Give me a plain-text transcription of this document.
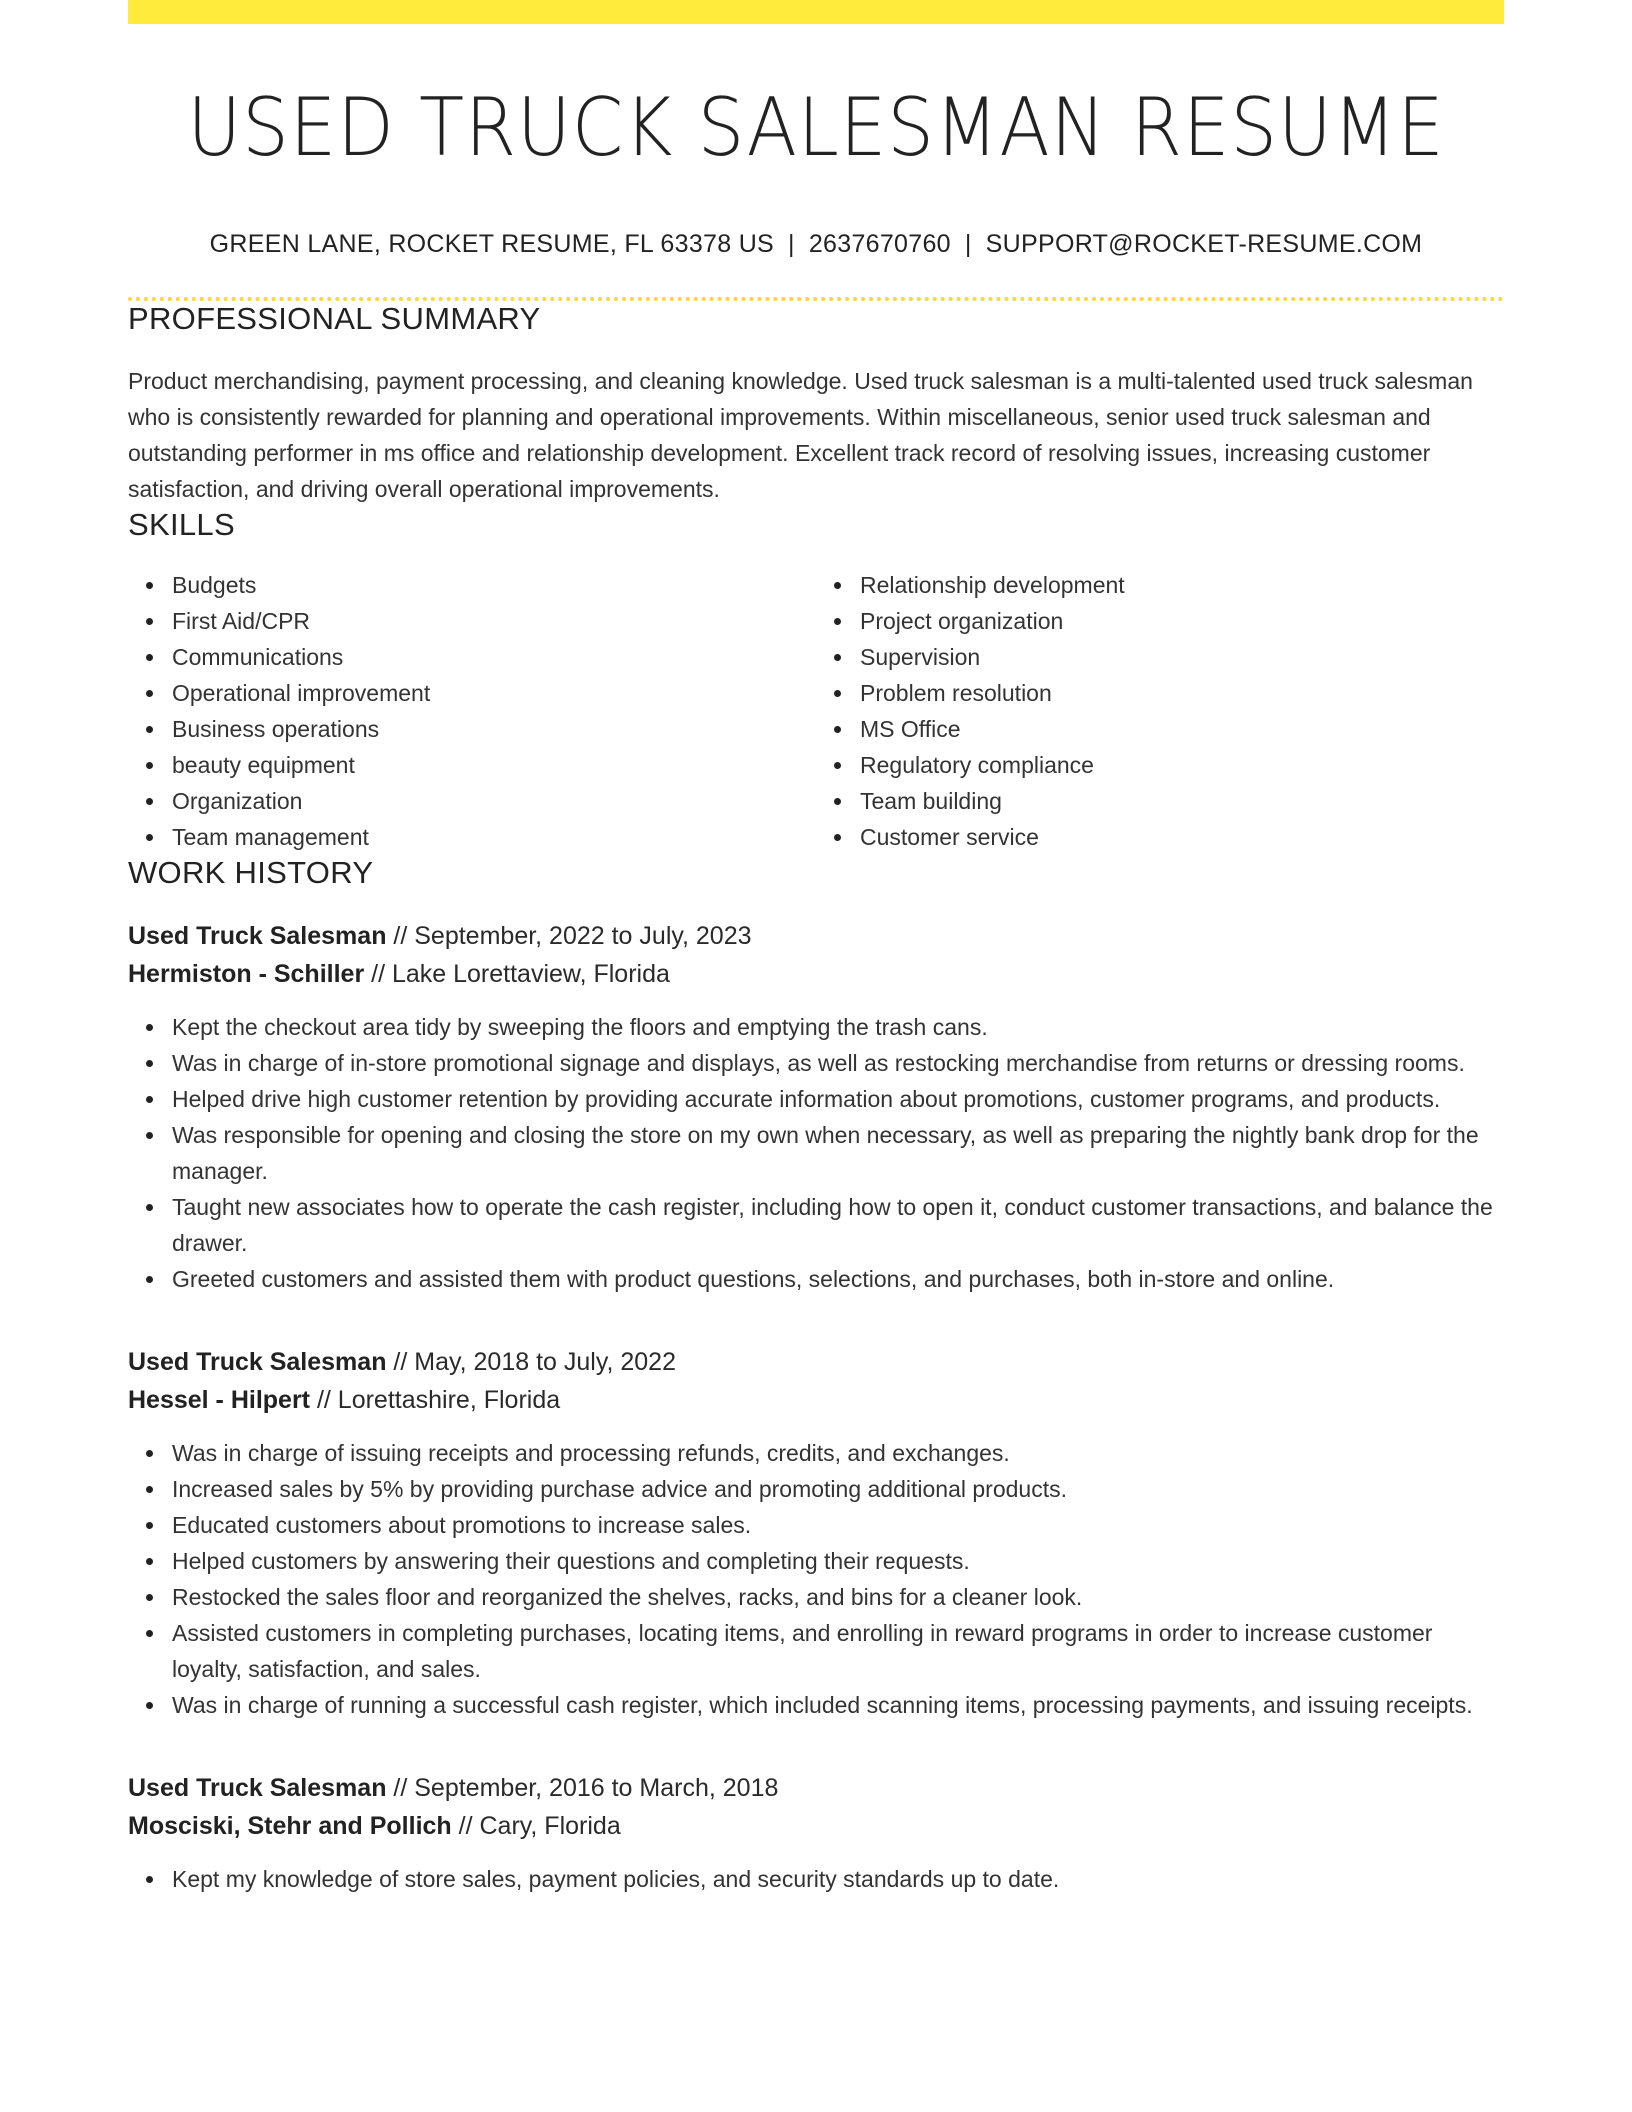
USED TRUCK SALESMAN RESUME
GREEN LANE, ROCKET RESUME, FL 63378 US | 2637670760 | SUPPORT@ROCKET-RESUME.COM
PROFESSIONAL SUMMARY

Product merchandising, payment processing, and cleaning knowledge. Used truck salesman is a multi-talented used truck salesman who is consistently rewarded for planning and operational improvements. Within miscellaneous, senior used truck salesman and outstanding performer in ms office and relationship development. Excellent track record of resolving issues, increasing customer satisfaction, and driving overall operational improvements.

SKILLS
Budgets
First Aid/CPR
Communications
Operational improvement
Business operations
beauty equipment
Organization
Team management
Relationship development
Project organization
Supervision
Problem resolution
MS Office
Regulatory compliance
Team building
Customer service
WORK HISTORY
Used Truck Salesman // September, 2022 to July, 2023
Hermiston - Schiller // Lake Lorettaview, Florida
Kept the checkout area tidy by sweeping the floors and emptying the trash cans.
Was in charge of in-store promotional signage and displays, as well as restocking merchandise from returns or dressing rooms.
Helped drive high customer retention by providing accurate information about promotions, customer programs, and products.
Was responsible for opening and closing the store on my own when necessary, as well as preparing the nightly bank drop for the manager.
Taught new associates how to operate the cash register, including how to open it, conduct customer transactions, and balance the drawer.
Greeted customers and assisted them with product questions, selections, and purchases, both in-store and online.
Used Truck Salesman // May, 2018 to July, 2022
Hessel - Hilpert // Lorettashire, Florida
Was in charge of issuing receipts and processing refunds, credits, and exchanges.
Increased sales by 5% by providing purchase advice and promoting additional products.
Educated customers about promotions to increase sales.
Helped customers by answering their questions and completing their requests.
Restocked the sales floor and reorganized the shelves, racks, and bins for a cleaner look.
Assisted customers in completing purchases, locating items, and enrolling in reward programs in order to increase customer loyalty, satisfaction, and sales.
Was in charge of running a successful cash register, which included scanning items, processing payments, and issuing receipts.
Used Truck Salesman // September, 2016 to March, 2018
Mosciski, Stehr and Pollich // Cary, Florida
Kept my knowledge of store sales, payment policies, and security standards up to date.
